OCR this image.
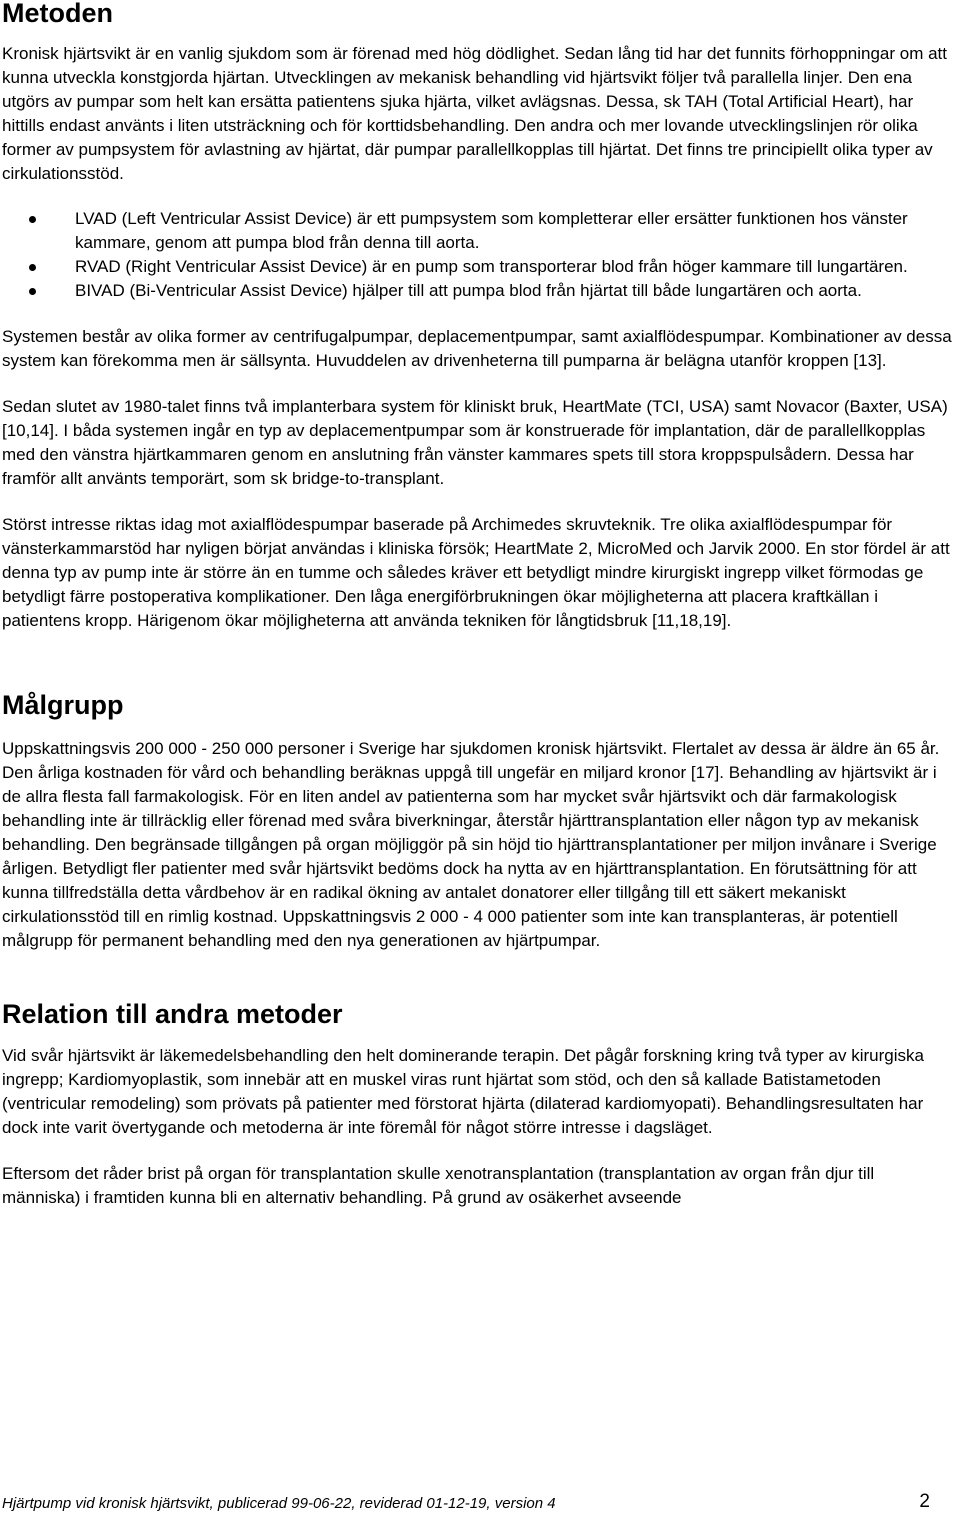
Metoden

Kronisk hjärtsvikt är en vanlig sjukdom som är förenad med hög dödlighet. Sedan lång tid har det funnits förhoppningar om att kunna utveckla konstgjorda hjärtan. Utvecklingen av mekanisk behandling vid hjärtsvikt följer två parallella linjer. Den ena utgörs av pumpar som helt kan ersätta patientens sjuka hjärta, vilket avlägsnas. Dessa, sk TAH (Total Artificial Heart), har hittills endast använts i liten utsträckning och för korttidsbehandling. Den andra och mer lovande utvecklingslinjen rör olika former av pumpsystem för avlastning av hjärtat, där pumpar parallellkopplas till hjärtat. Det finns tre principiellt olika typer av cirkulationsstöd.

LVAD (Left Ventricular Assist Device) är ett pumpsystem som kompletterar eller ersätter funktionen hos vänster kammare, genom att pumpa blod från denna till aorta.
RVAD (Right Ventricular Assist Device) är en pump som transporterar blod från höger kammare till lungartären.
BIVAD (Bi-Ventricular Assist Device) hjälper till att pumpa blod från hjärtat till både lungartären och aorta.

Systemen består av olika former av centrifugalpumpar, deplacementpumpar, samt axialflödespumpar. Kombinationer av dessa system kan förekomma men är sällsynta. Huvuddelen av drivenheterna till pumparna är belägna utanför kroppen [13].

Sedan slutet av 1980-talet finns två implanterbara system för kliniskt bruk, HeartMate (TCI, USA) samt Novacor (Baxter, USA) [10,14]. I båda systemen ingår en typ av deplacementpumpar som är konstruerade för implantation, där de parallellkopplas med den vänstra hjärtkammaren genom en anslutning från vänster kammares spets till stora kroppspulsådern. Dessa har framför allt använts temporärt, som sk bridge-to-transplant.

Störst intresse riktas idag mot axialflödespumpar baserade på Archimedes skruvteknik. Tre olika axialflödespumpar för vänsterkammarstöd har nyligen börjat användas i kliniska försök; HeartMate 2, MicroMed och Jarvik 2000. En stor fördel är att denna typ av pump inte är större än en tumme och således kräver ett betydligt mindre kirurgiskt ingrepp vilket förmodas ge betydligt färre postoperativa komplikationer. Den låga energiförbrukningen ökar möjligheterna att placera kraftkällan i patientens kropp. Härigenom ökar möjligheterna att använda tekniken för långtidsbruk [11,18,19].

Målgrupp

Uppskattningsvis 200 000 - 250 000 personer i Sverige har sjukdomen kronisk hjärtsvikt. Flertalet av dessa är äldre än 65 år. Den årliga kostnaden för vård och behandling beräknas uppgå till ungefär en miljard kronor [17]. Behandling av hjärtsvikt är i de allra flesta fall farmakologisk. För en liten andel av patienterna som har mycket svår hjärtsvikt och där farmakologisk behandling inte är tillräcklig eller förenad med svåra biverkningar, återstår hjärttransplantation eller någon typ av mekanisk behandling. Den begränsade tillgången på organ möjliggör på sin höjd tio hjärttransplantationer per miljon invånare i Sverige årligen. Betydligt fler patienter med svår hjärtsvikt bedöms dock ha nytta av en hjärttransplantation. En förutsättning för att kunna tillfredställa detta vårdbehov är en radikal ökning av antalet donatorer eller tillgång till ett säkert mekaniskt cirkulationsstöd till en rimlig kostnad. Uppskattningsvis 2 000 - 4 000 patienter som inte kan transplanteras, är potentiell målgrupp för permanent behandling med den nya generationen av hjärtpumpar.

Relation till andra metoder

Vid svår hjärtsvikt är läkemedelsbehandling den helt dominerande terapin. Det pågår forskning kring två typer av kirurgiska ingrepp; Kardiomyoplastik, som innebär att en muskel viras runt hjärtat som stöd, och den så kallade Batistametoden (ventricular remodeling) som prövats på patienter med förstorat hjärta (dilaterad kardiomyopati). Behandlingsresultaten har dock inte varit övertygande och metoderna är inte föremål för något större intresse i dagsläget.

Eftersom det råder brist på organ för transplantation skulle xenotransplantation (transplantation av organ från djur till människa) i framtiden kunna bli en alternativ behandling. På grund av osäkerhet avseende

Hjärtpump vid kronisk hjärtsvikt, publicerad 99-06-22, reviderad 01-12-19, version 4	2
